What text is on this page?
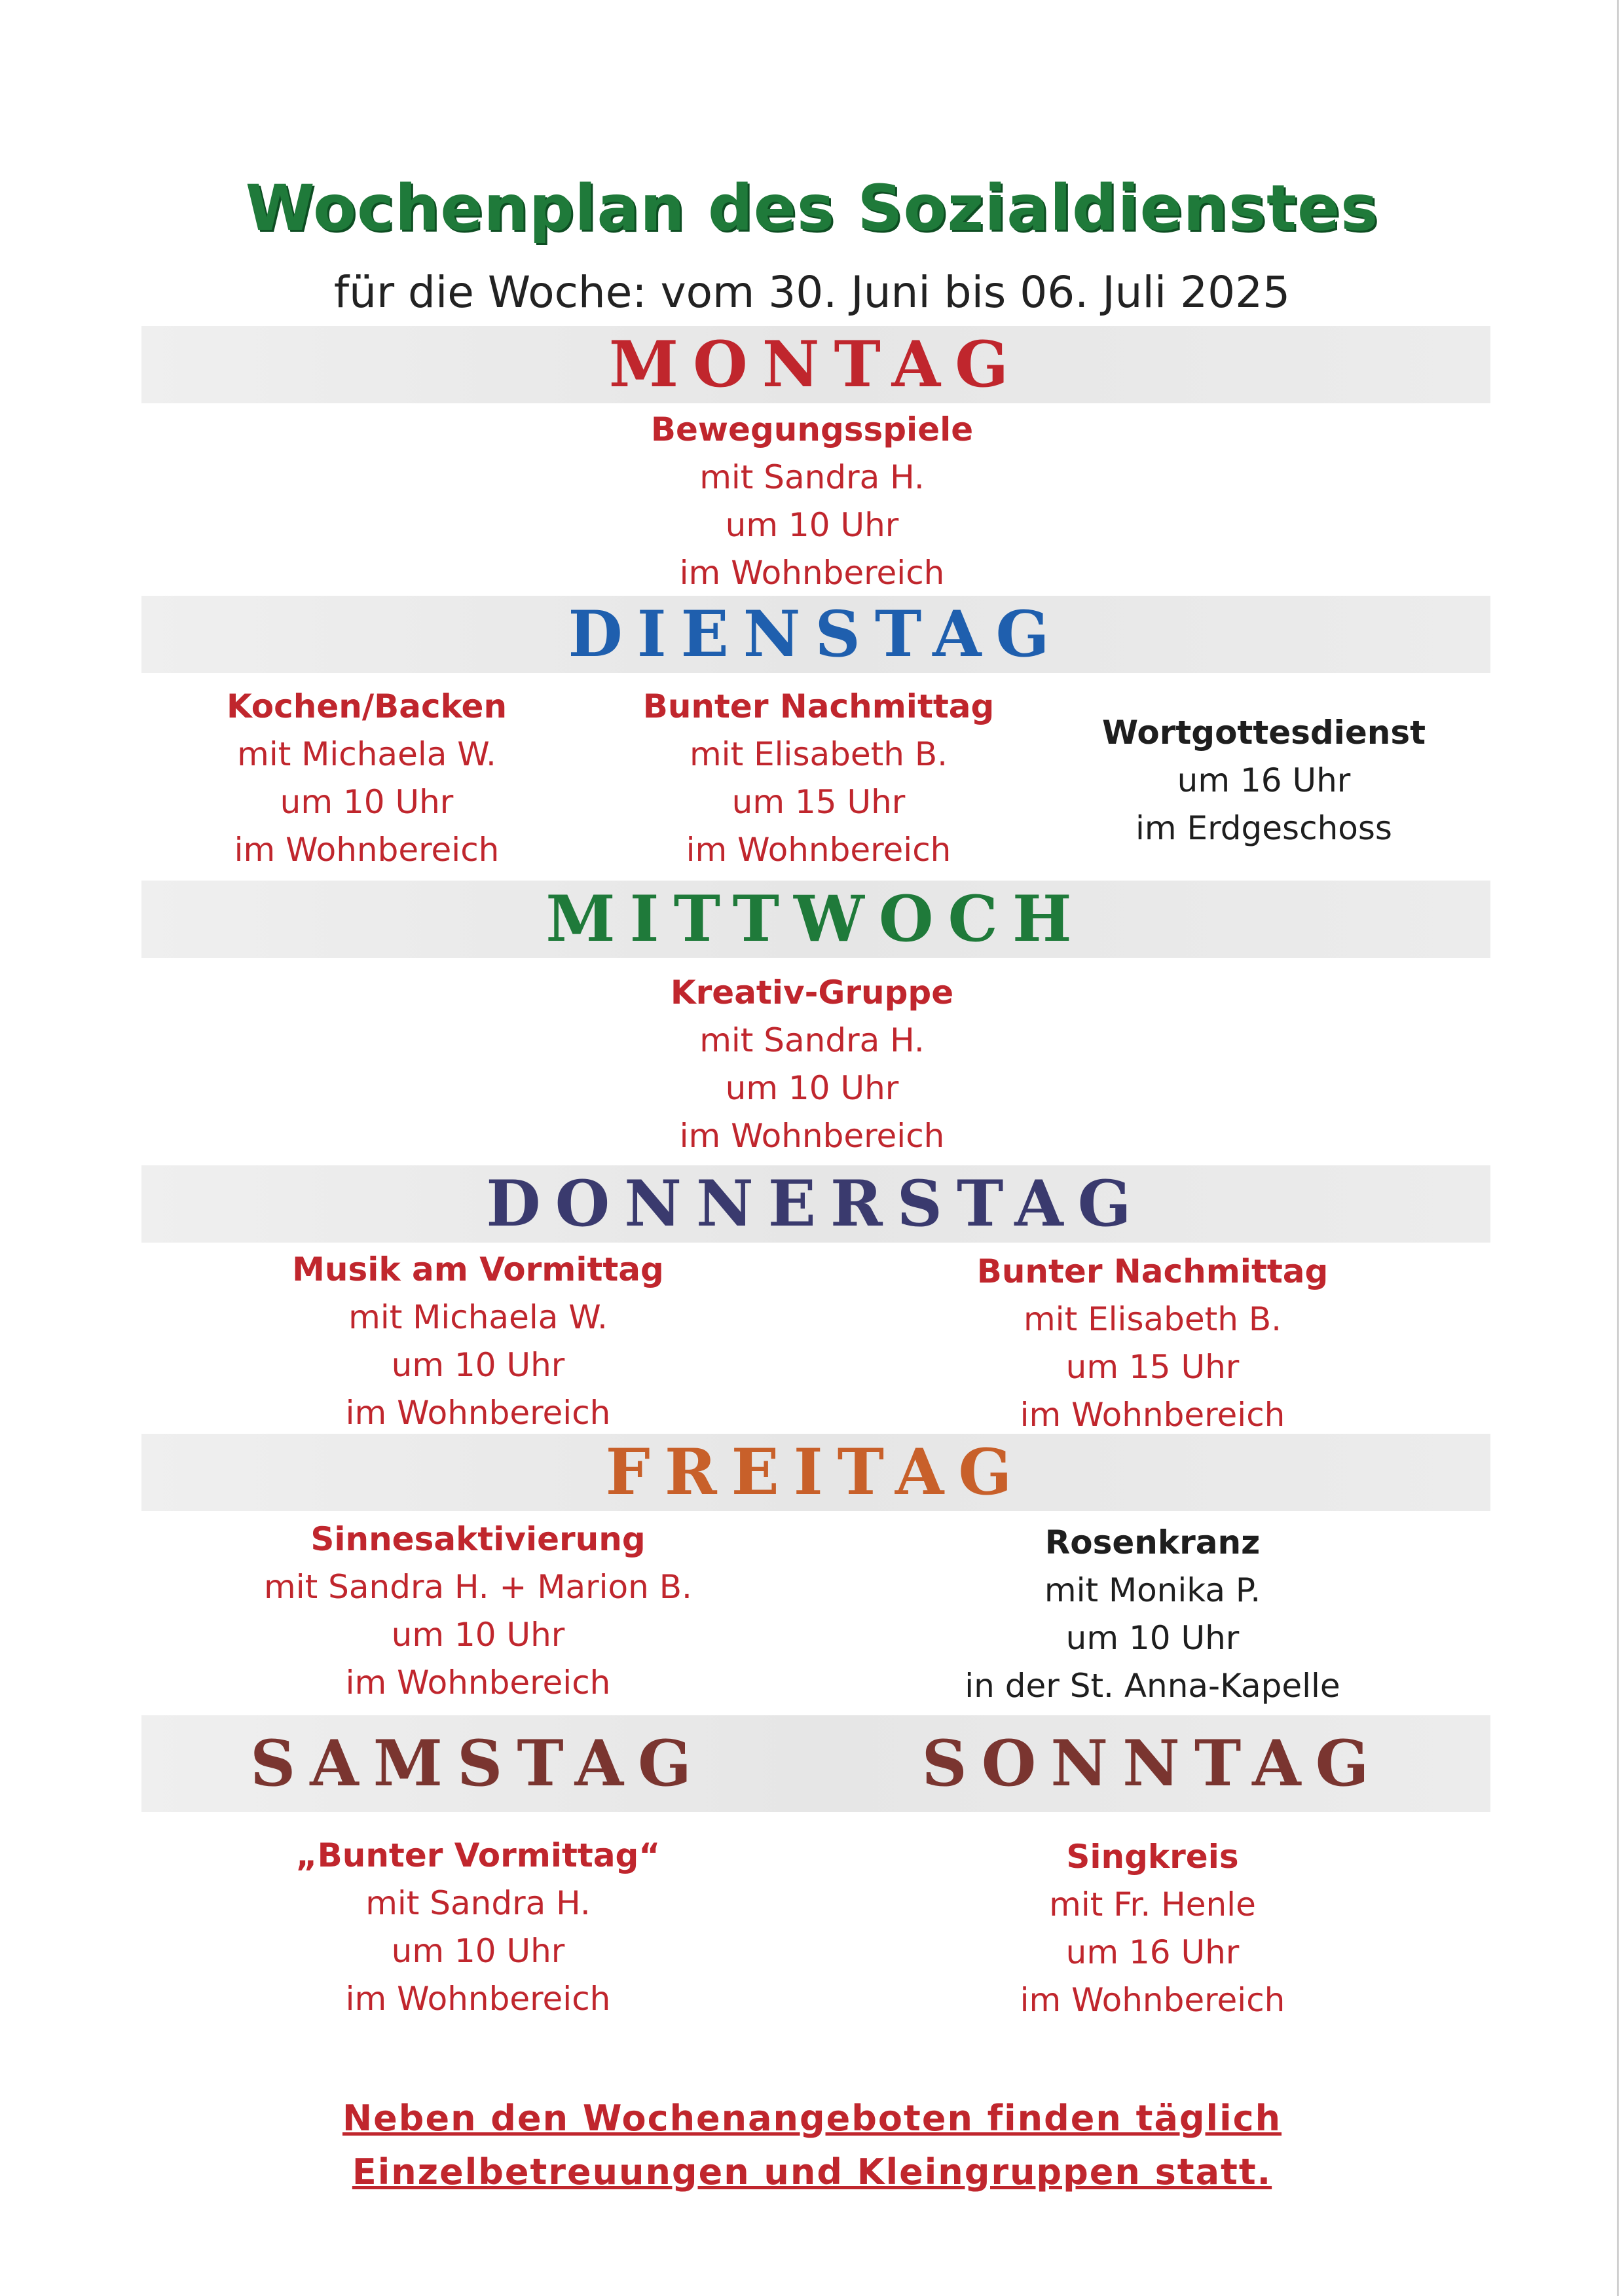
Wochenplan des Sozialdienstes
für die Woche: vom 30. Juni bis 06. Juli 2025
MONTAG
Bewegungsspiele
mit Sandra H.
um 10 Uhr
im Wohnbereich
DIENSTAG
Kochen/Backen
mit Michaela W.
um 10 Uhr
im Wohnbereich
Bunter Nachmittag
mit Elisabeth B.
um 15 Uhr
im Wohnbereich
Wortgottesdienst
um 16 Uhr
im Erdgeschoss
MITTWOCH
Kreativ-Gruppe
mit Sandra H.
um 10 Uhr
im Wohnbereich
DONNERSTAG
Musik am Vormittag
mit Michaela W.
um 10 Uhr
im Wohnbereich
Bunter Nachmittag
mit Elisabeth B.
um 15 Uhr
im Wohnbereich
FREITAG
Sinnesaktivierung
mit Sandra H. + Marion B.
um 10 Uhr
im Wohnbereich
Rosenkranz
mit Monika P.
um 10 Uhr
in der St. Anna-Kapelle
SAMSTAG	SONNTAG
„Bunter Vormittag“
mit Sandra H.
um 10 Uhr
im Wohnbereich
Singkreis
mit Fr. Henle
um 16 Uhr
im Wohnbereich
Neben den Wochenangeboten finden täglich
Einzelbetreuungen und Kleingruppen statt.
